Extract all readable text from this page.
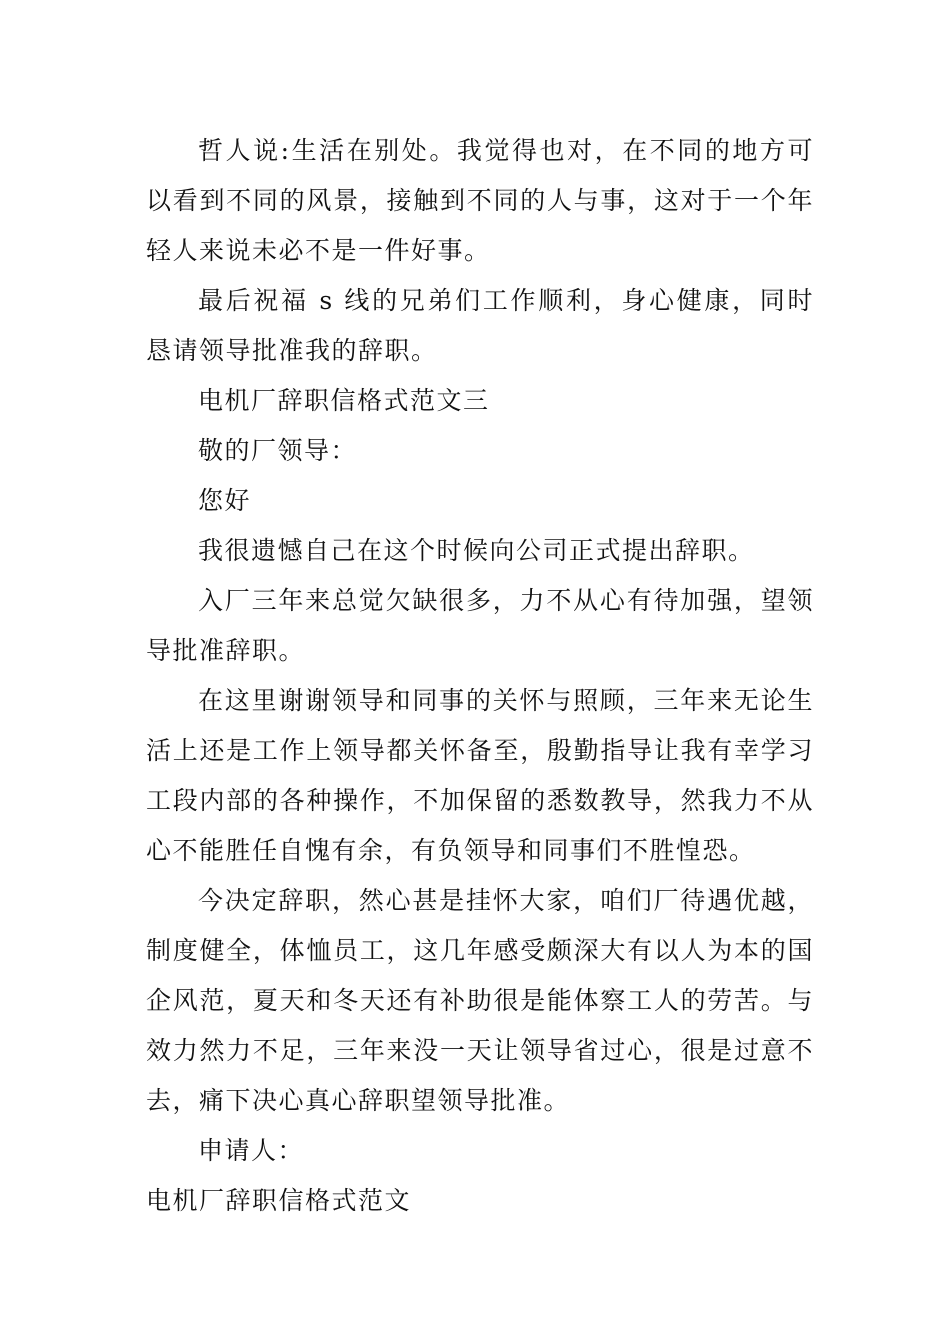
哲人说:生活在别处。我觉得也对，在不同的地方可以看到不同的风景，接触到不同的人与事，这对于一个年轻人来说未必不是一件好事。

最后祝福 s 线的兄弟们工作顺利，身心健康，同时恳请领导批准我的辞职。

电机厂辞职信格式范文三

敬的厂领导：

您好

我很遗憾自己在这个时候向公司正式提出辞职。

入厂三年来总觉欠缺很多，力不从心有待加强，望领导批准辞职。

在这里谢谢领导和同事的关怀与照顾，三年来无论生活上还是工作上领导都关怀备至，殷勤指导让我有幸学习工段内部的各种操作，不加保留的悉数教导，然我力不从心不能胜任自愧有余，有负领导和同事们不胜惶恐。

今决定辞职，然心甚是挂怀大家，咱们厂待遇优越，制度健全，体恤员工，这几年感受颇深大有以人为本的国企风范，夏天和冬天还有补助很是能体察工人的劳苦。与效力然力不足，三年来没一天让领导省过心，很是过意不去，痛下决心真心辞职望领导批准。

申请人：

电机厂辞职信格式范文
